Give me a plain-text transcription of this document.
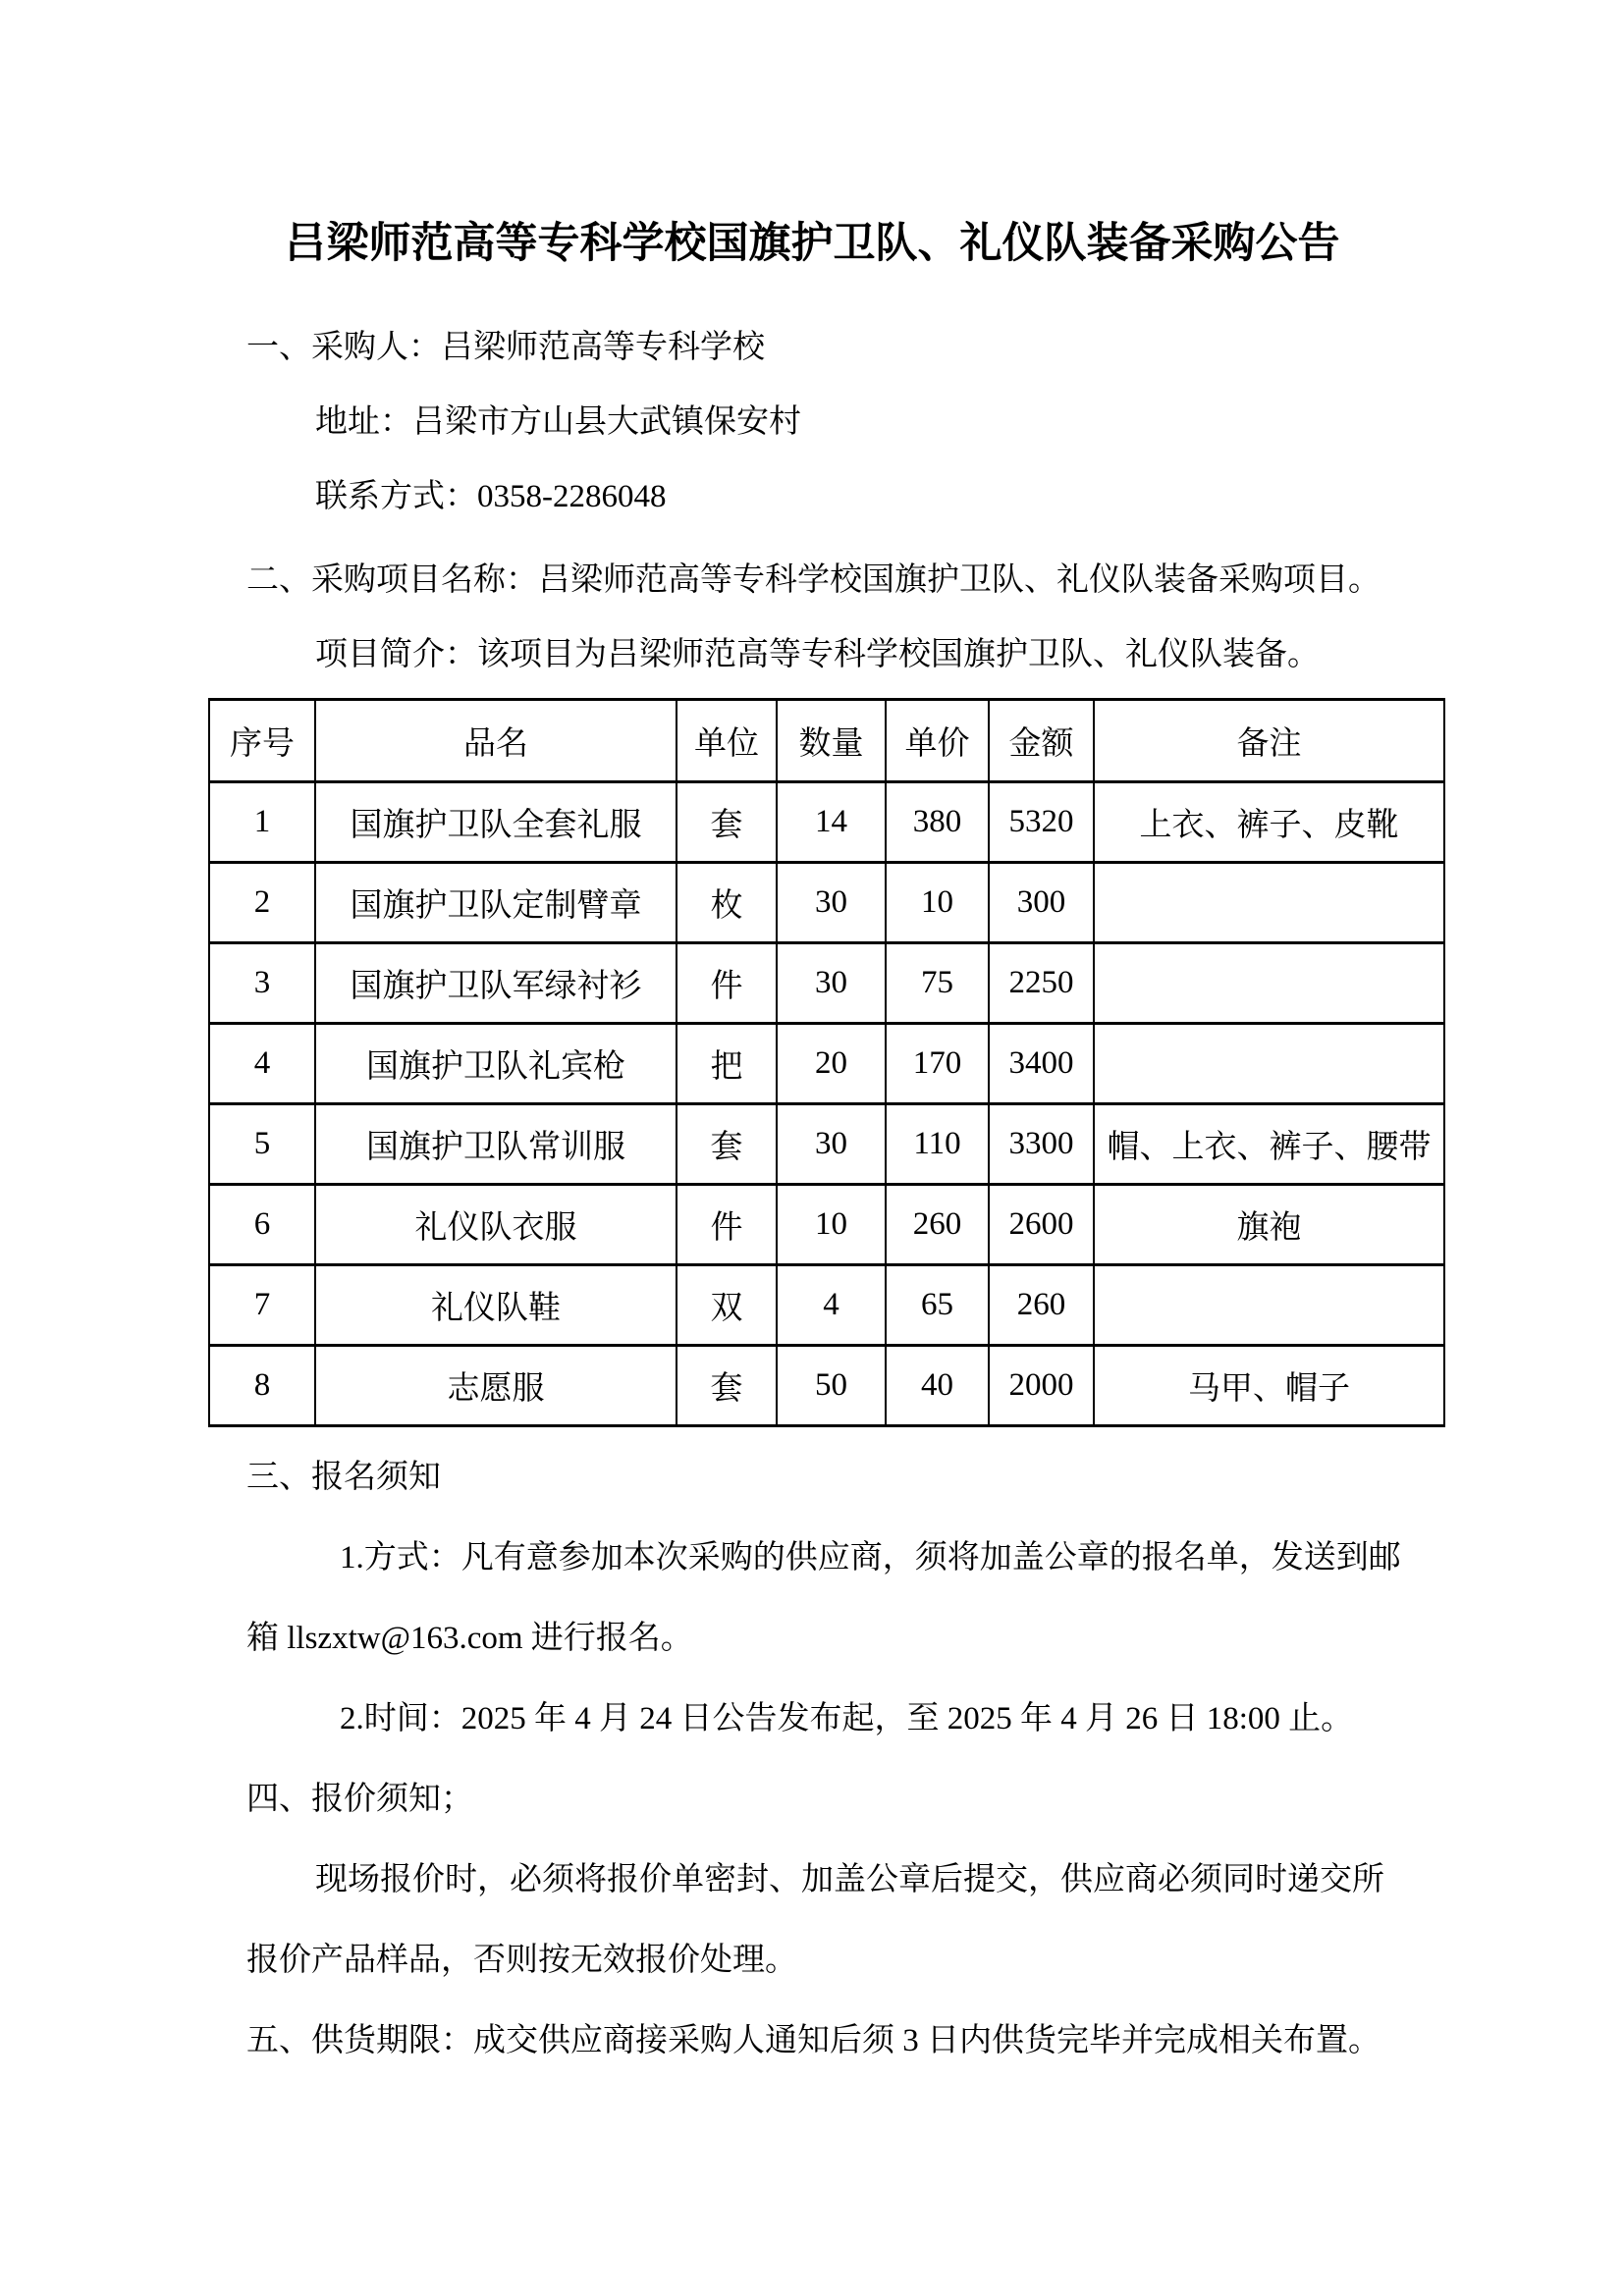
吕梁师范高等专科学校国旗护卫队、礼仪队装备采购公告

一、采购人：吕梁师范高等专科学校

地址：吕梁市方山县大武镇保安村

联系方式：0358-2286048

二、采购项目名称：吕梁师范高等专科学校国旗护卫队、礼仪队装备采购项目。

项目简介：该项目为吕梁师范高等专科学校国旗护卫队、礼仪队装备。

序号	品名	单位	数量	单价	金额	备注
1	国旗护卫队全套礼服	套	14	380	5320	上衣、裤子、皮靴
2	国旗护卫队定制臂章	枚	30	10	300	
3	国旗护卫队军绿衬衫	件	30	75	2250	
4	国旗护卫队礼宾枪	把	20	170	3400	
5	国旗护卫队常训服	套	30	110	3300	帽、上衣、裤子、腰带
6	礼仪队衣服	件	10	260	2600	旗袍
7	礼仪队鞋	双	4	65	260	
8	志愿服	套	50	40	2000	马甲、帽子

三、报名须知

1.方式：凡有意参加本次采购的供应商，须将加盖公章的报名单，发送到邮

箱 llszxtw@163.com 进行报名。

2.时间：2025 年 4 月 24 日公告发布起，至 2025 年 4 月 26 日 18:00 止。

四、报价须知；

现场报价时，必须将报价单密封、加盖公章后提交，供应商必须同时递交所

报价产品样品，否则按无效报价处理。

五、供货期限：成交供应商接采购人通知后须 3 日内供货完毕并完成相关布置。
